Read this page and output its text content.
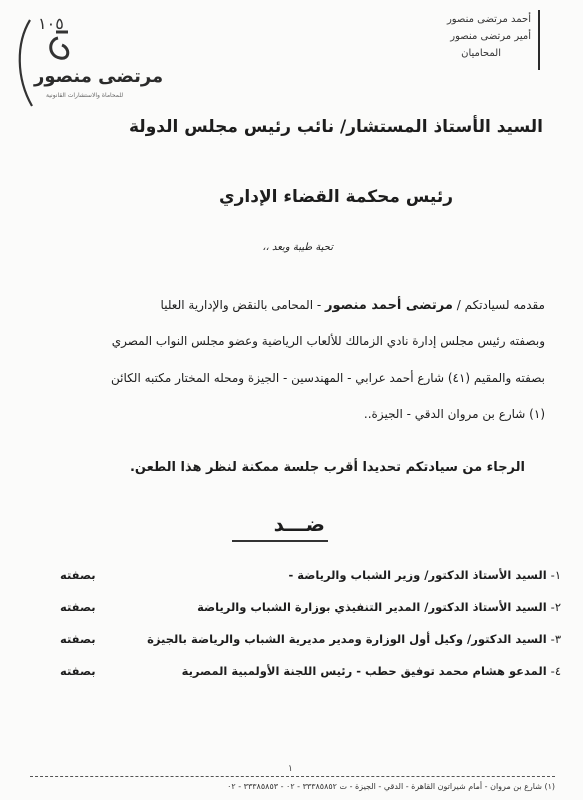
أحمد مرتضى منصور
أمير مرتضى منصور
المحاميان
١٠٥
مرتضى منصور
للمحاماة والاستشارات القانونية
السيد الأستاذ المستشار/ نائب رئيس مجلس الدولة
رئيس محكمة القضاء الإداري
تحية طيبة وبعد ،،
مقدمه لسيادتكم / مرتضى أحمد منصور - المحامى بالنقض والإدارية العليا
وبصفته رئيس مجلس إدارة نادي الزمالك للألعاب الرياضية وعضو مجلس النواب المصري
بصفته والمقيم (٤١) شارع أحمد عرابي - المهندسين - الجيزة ومحله المختار مكتبه الكائن
(١) شارع بن مروان الدقي - الجيزة..
الرجاء من سيادتكم تحديدا أقرب جلسة ممكنة لنظر هذا الطعن.
ضـــد
١-السيد الأستاذ الدكتور/ وزير الشباب والرياضة -
بصفته
٢-السيد الأستاذ الدكتور/ المدير التنفيذي بوزارة الشباب والرياضة
بصفته
٣-السيد الدكتور/ وكيل أول الوزارة ومدير مديرية الشباب والرياضة بالجيزة
بصفته
٤-المدعو هشام محمد توفيق حطب - رئيس اللجنة الأولمبية المصرية
بصفته
١
(١) شارع بن مروان - أمام شيراتون القاهرة - الدقي - الجيزة - ت ٣٣٣٨٥٨٥٢ - ٠٢ - ٣٣٣٨٥٨٥٣ - ٠٢
